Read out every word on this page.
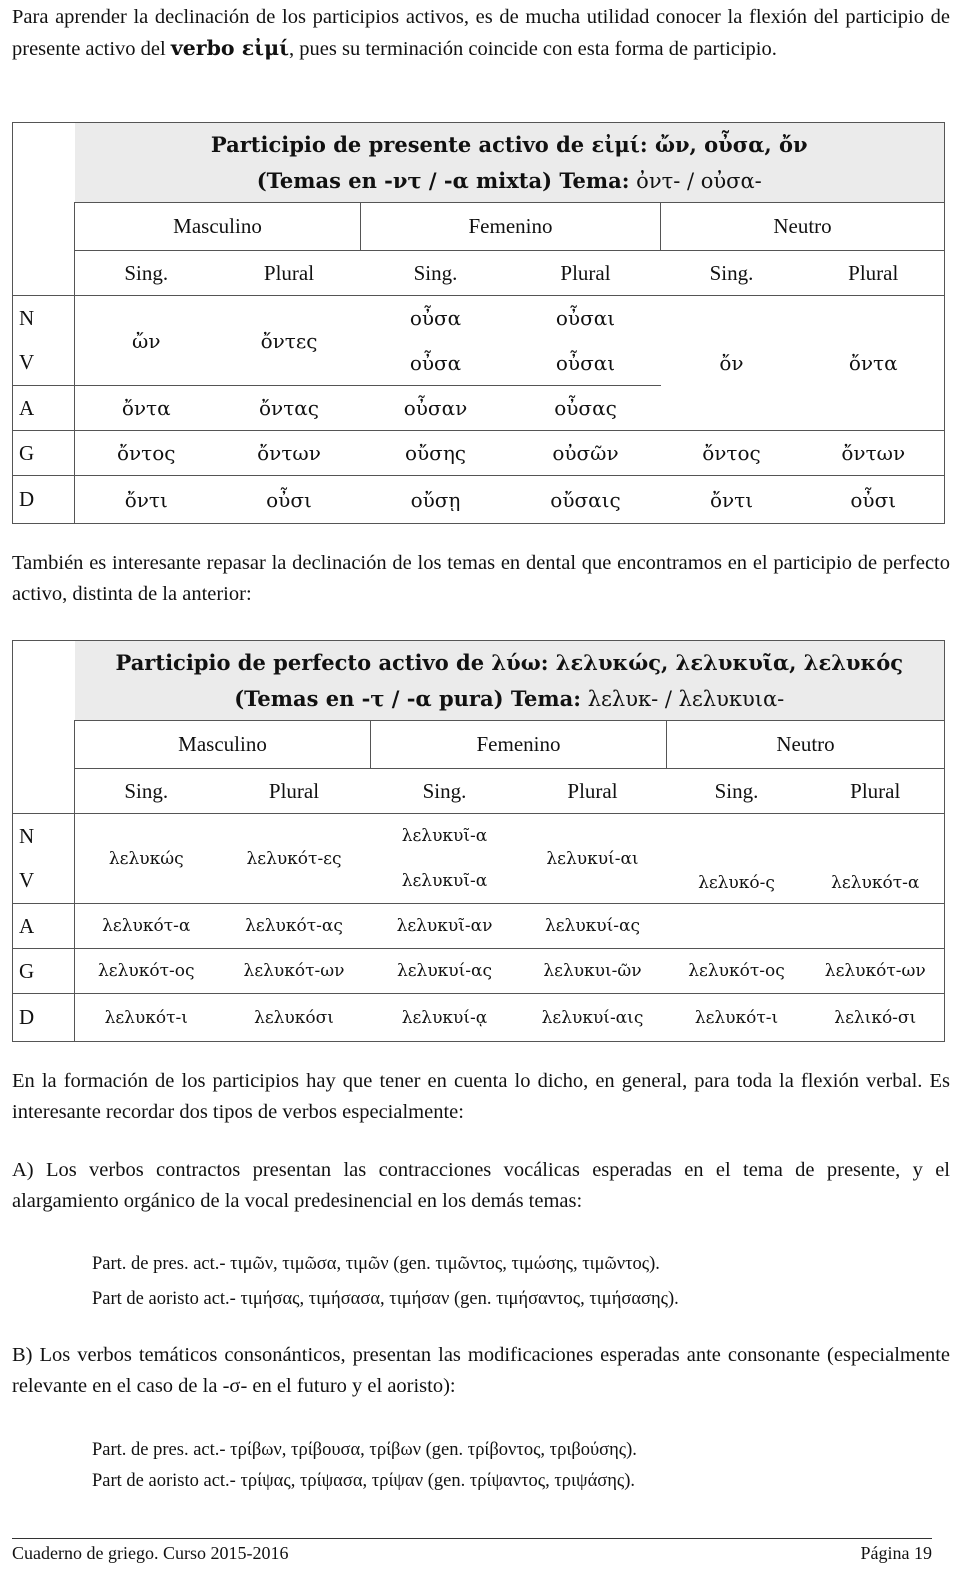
Para aprender la declinación de los participios activos, es de mucha utilidad conocer la flexión del participio de presente activo del verbo εἰμί, pues su terminación coincide con esta forma de participio.

	Participio de presente activo de εἰμί: ὤν, οὖσα, ὄν
(Temas en -ντ / -α mixta) Tema: ὀντ- / οὐσα-					

	Masculino		Femenino		Neutro	
	Sing.	Plural	Sing.	Plural	Sing.	Plural
N	ὤν	ὄντες	οὖσα	οὖσαι		
V			οὖσα	οὖσαι	ὄν	ὄντα
A	ὄντα	ὄντας	οὖσαν	οὖσας		
G	ὄντος	ὄντων	οὔσης	οὐσῶν	ὄντος	ὄντων
D	ὄντι	οὖσι	οὔσῃ	οὔσαις	ὄντι	οὖσι
También es interesante repasar la declinación de los temas en dental que encontramos en el participio de perfecto activo, distinta de la anterior:

	Participio de perfecto activo de λύω: λελυκώς, λελυκυῖα, λελυκός
(Temas en -τ / -α pura) Tema: λελυκ- / λελυκυια-					

	Masculino		Femenino		Neutro	
	Sing.	Plural	Sing.	Plural	Sing.	Plural
N	λελυκώς	λελυκότ-ες	λελυκυῖ-α	λελυκυί-αι	λελυκό-ς	λελυκότ-α
V			λελυκυῖ-α			
A	λελυκότ-α	λελυκότ-ας	λελυκυῖ-αν	λελυκυί-ας		
G	λελυκότ-ος	λελυκότ-ων	λελυκυί-ας	λελυκυι-ῶν	λελυκότ-ος	λελυκότ-ων
D	λελυκότ-ι	λελυκόσι	λελυκυί-ᾳ	λελυκυί-αις	λελυκότ-ι	λελικό-σι
En la formación de los participios hay que tener en cuenta lo dicho, en general, para toda la flexión verbal. Es interesante recordar dos tipos de verbos especialmente:
A) Los verbos contractos presentan las contracciones vocálicas esperadas en el tema de presente, y el alargamiento orgánico de la vocal predesinencial en los demás temas:
Part. de pres. act.- τιμῶν, τιμῶσα, τιμῶν (gen. τιμῶντος, τιμώσης, τιμῶντος).
Part de aoristo act.- τιμήσας, τιμήσασα, τιμήσαν (gen. τιμήσαντος, τιμήσασης).
B) Los verbos temáticos consonánticos, presentan las modificaciones esperadas ante consonante (especialmente relevante en el caso de la -σ- en el futuro y el aoristo):
Part. de pres. act.- τρίβων, τρίβουσα, τρίβων (gen. τρίβοντος, τριβούσης).
Part de aoristo act.- τρίψας, τρίψασα, τρίψαν (gen. τρίψαντος, τριψάσης).
Cuaderno de griego. Curso 2015-2016	Página 19
